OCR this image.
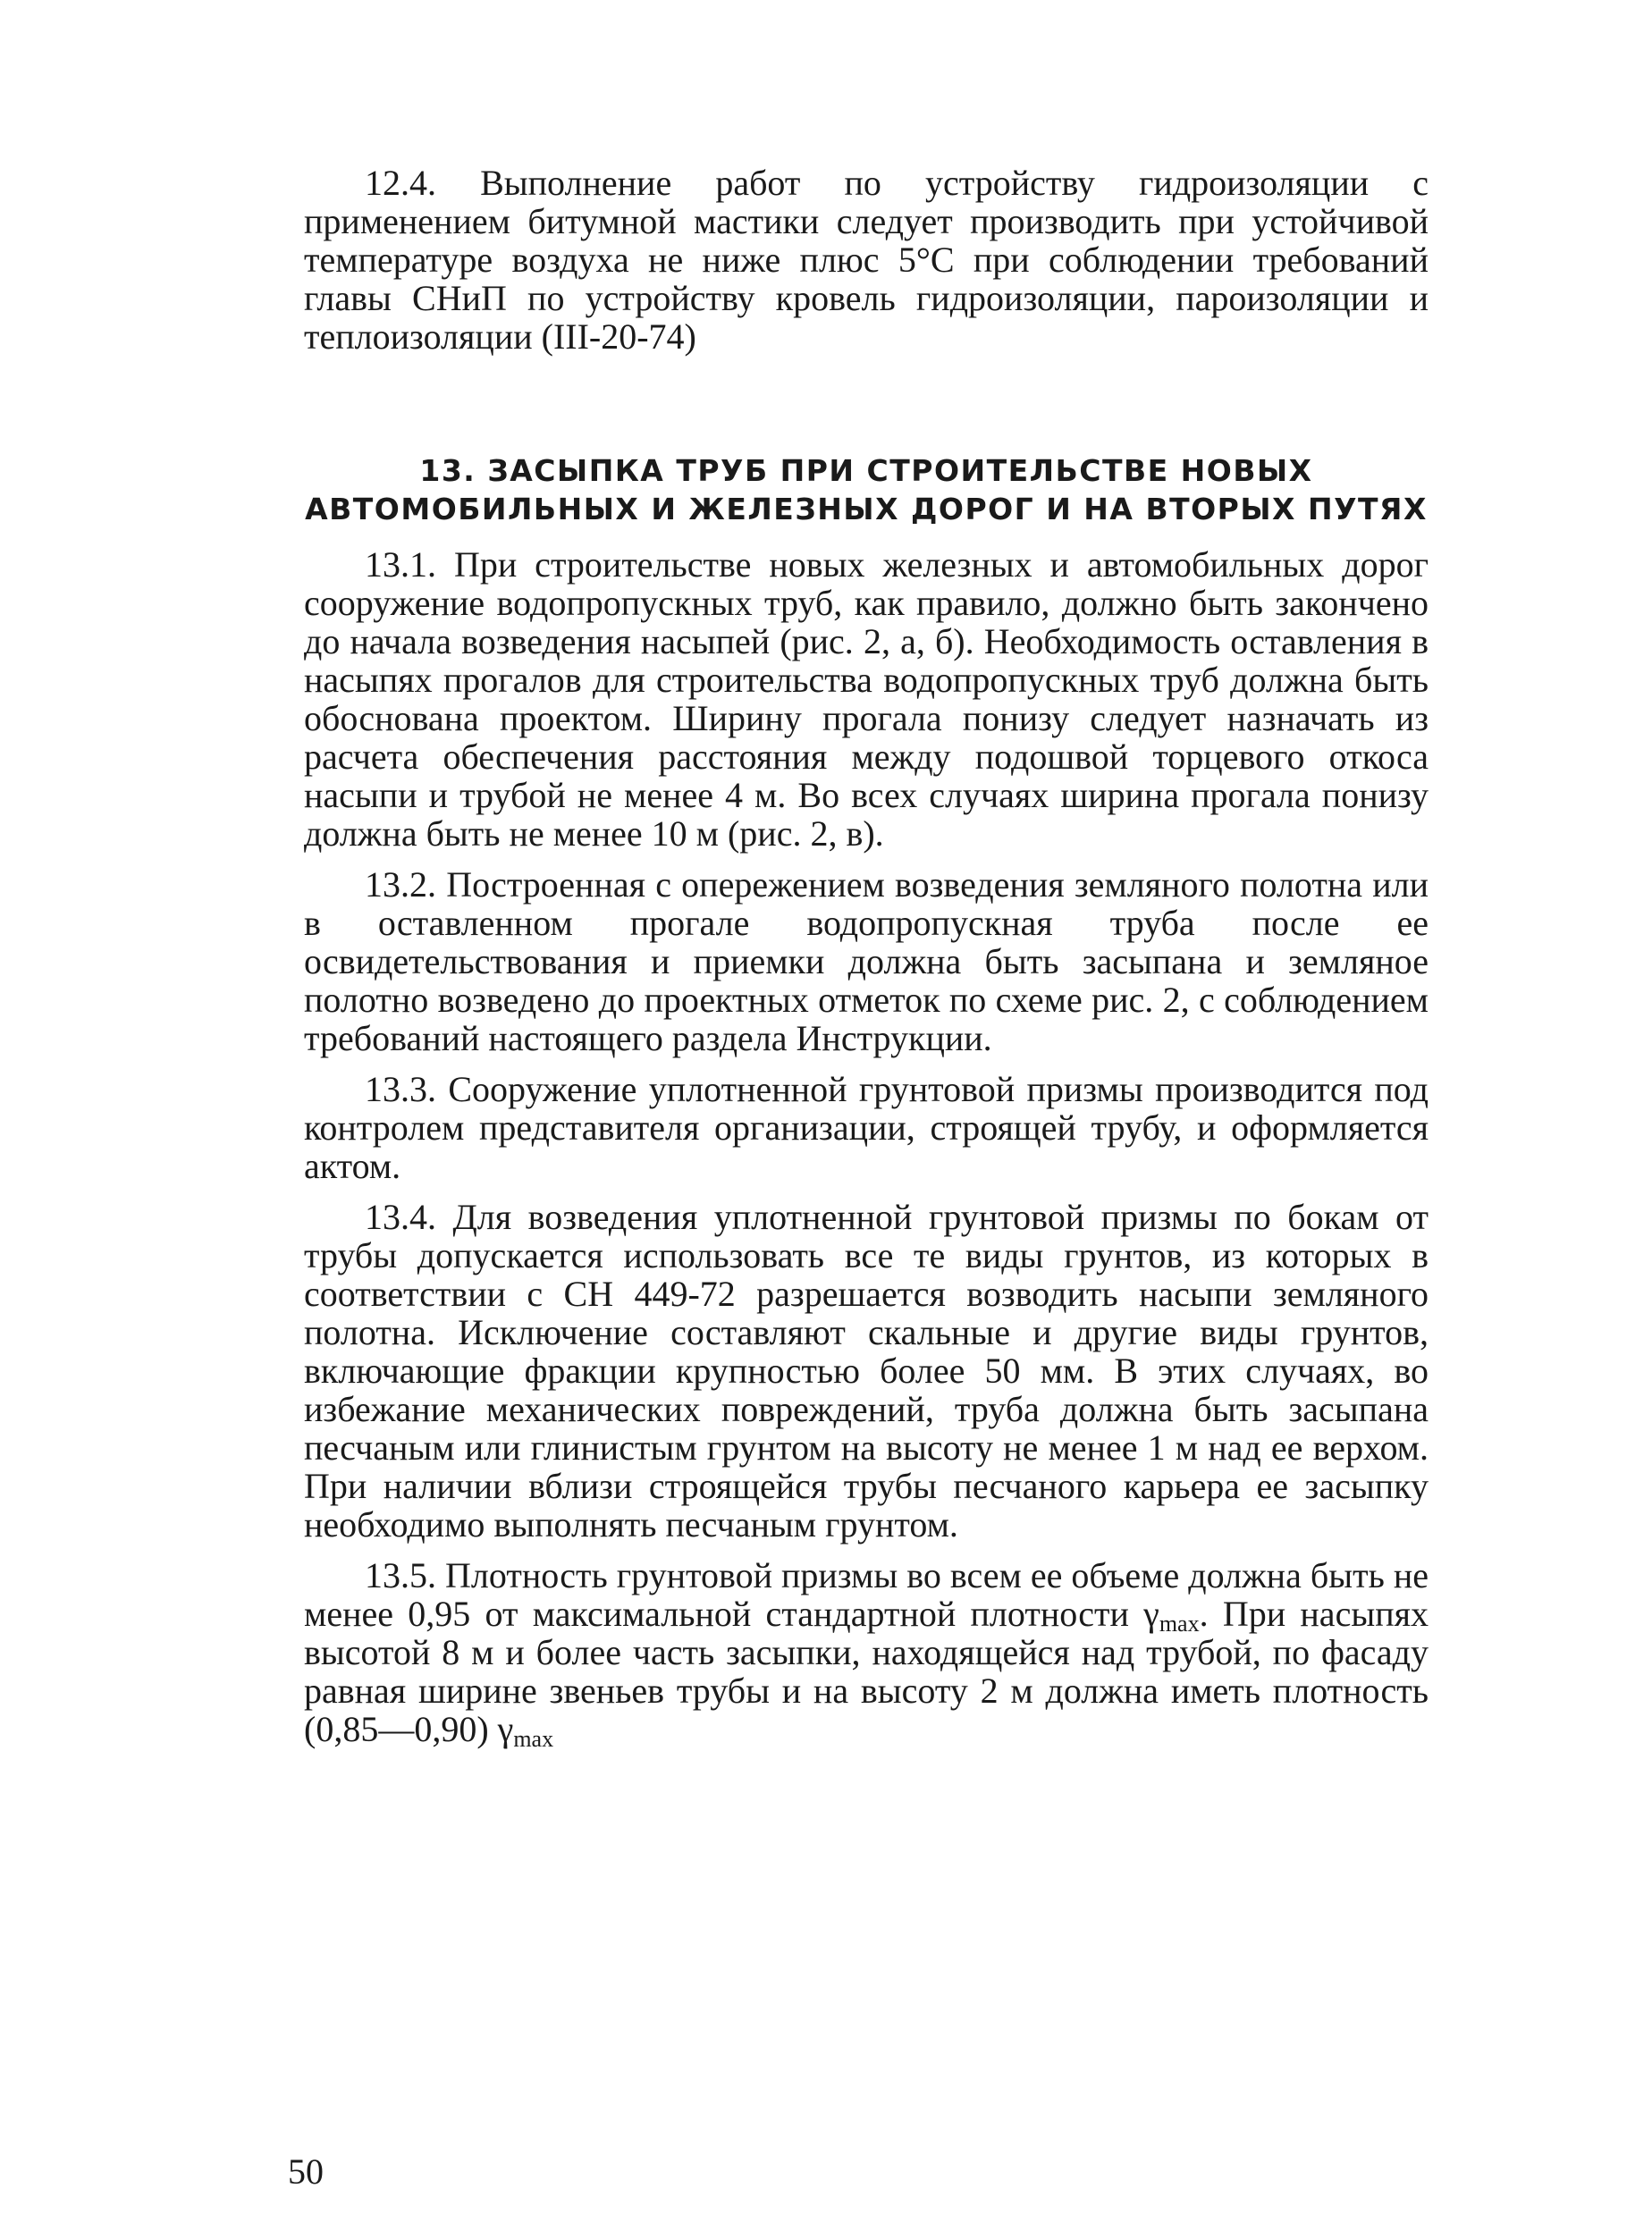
12.4. Выполнение работ по устройству гидроизоляции с применением битумной мастики следует производить при устойчивой температуре воздуха не ниже плюс 5°С при соблюдении требований главы СНиП по устройству кровель гидроизоляции, пароизоляции и теплоизоляции (III-20-74)

13. ЗАСЫПКА ТРУБ ПРИ СТРОИТЕЛЬСТВЕ НОВЫХ
АВТОМОБИЛЬНЫХ И ЖЕЛЕЗНЫХ ДОРОГ И НА ВТОРЫХ ПУТЯХ

13.1. При строительстве новых железных и автомобильных дорог сооружение водопропускных труб, как правило, должно быть закончено до начала возведения насыпей (рис. 2, а, б). Необходимость оставления в насыпях прогалов для строительства водопропускных труб должна быть обоснована проектом. Ширину прогала понизу следует назначать из расчета обеспечения расстояния между подошвой торцевого откоса насыпи и трубой не менее 4 м. Во всех случаях ширина прогала понизу должна быть не менее 10 м (рис. 2, в).

13.2. Построенная с опережением возведения земляного полотна или в оставленном прогале водопропускная труба после ее освидетельствования и приемки должна быть засыпана и земляное полотно возведено до проектных отметок по схеме рис. 2, с соблюдением требований настоящего раздела Инструкции.

13.3. Сооружение уплотненной грунтовой призмы производится под контролем представителя организации, строящей трубу, и оформляется актом.

13.4. Для возведения уплотненной грунтовой призмы по бокам от трубы допускается использовать все те виды грунтов, из которых в соответствии с СН 449-72 разрешается возводить насыпи земляного полотна. Исключение составляют скальные и другие виды грунтов, включающие фракции крупностью более 50 мм. В этих случаях, во избежание механических повреждений, труба должна быть засыпана песчаным или глинистым грунтом на высоту не менее 1 м над ее верхом. При наличии вблизи строящейся трубы песчаного карьера ее засыпку необходимо выполнять песчаным грунтом.

13.5. Плотность грунтовой призмы во всем ее объеме должна быть не менее 0,95 от максимальной стандартной плотности $\gamma_{max}$. При насыпях высотой 8 м и более часть засыпки, находящейся над трубой, по фасаду равная ширине звеньев трубы и на высоту 2 м должна иметь плотность (0,85—0,90) $\gamma_{max}$

50
